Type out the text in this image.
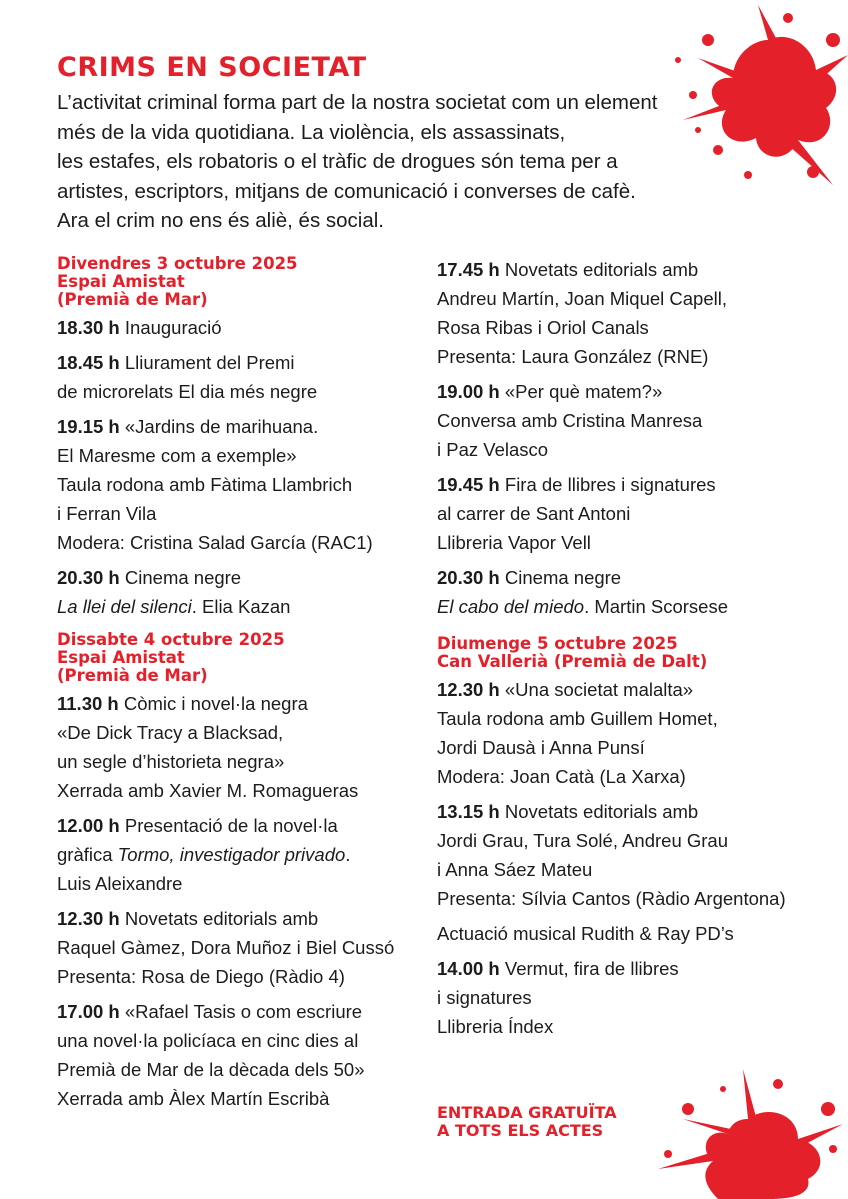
CRIMS EN SOCIETAT

L’activitat criminal forma part de la nostra societat com un element
més de la vida quotidiana. La violència, els assassinats,
les estafes, els robatoris o el tràfic de drogues són tema per a
artistes, escriptors, mitjans de comunicació i converses de cafè.
Ara el crim no ens és aliè, és social.

Divendres 3 octubre 2025
Espai Amistat
(Premià de Mar)
18.30 h Inauguració
18.45 h Lliurament del Premi
de microrelats El dia més negre
19.15 h «Jardins de marihuana.
El Maresme com a exemple»
Taula rodona amb Fàtima Llambrich
i Ferran Vila
Modera: Cristina Salad García (RAC1)
20.30 h Cinema negre
La llei del silenci. Elia Kazan
Dissabte 4 octubre 2025
Espai Amistat
(Premià de Mar)
11.30 h Còmic i novel·la negra
«De Dick Tracy a Blacksad,
un segle d’historieta negra»
Xerrada amb Xavier M. Romagueras
12.00 h Presentació de la novel·la
gràfica Tormo, investigador privado.
Luis Aleixandre
12.30 h Novetats editorials amb
Raquel Gàmez, Dora Muñoz i Biel Cussó
Presenta: Rosa de Diego (Ràdio 4)
17.00 h «Rafael Tasis o com escriure
una novel·la policíaca en cinc dies al
Premià de Mar de la dècada dels 50»
Xerrada amb Àlex Martín Escribà
17.45 h Novetats editorials amb
Andreu Martín, Joan Miquel Capell,
Rosa Ribas i Oriol Canals
Presenta: Laura González (RNE)
19.00 h «Per què matem?»
Conversa amb Cristina Manresa
i Paz Velasco
19.45 h Fira de llibres i signatures
al carrer de Sant Antoni
Llibreria Vapor Vell
20.30 h Cinema negre
El cabo del miedo. Martin Scorsese
Diumenge 5 octubre 2025
Can Vallerià (Premià de Dalt)
12.30 h «Una societat malalta»
Taula rodona amb Guillem Homet,
Jordi Dausà i Anna Punsí
Modera: Joan Catà (La Xarxa)
13.15 h Novetats editorials amb
Jordi Grau, Tura Solé, Andreu Grau
i Anna Sáez Mateu
Presenta: Sílvia Cantos (Ràdio Argentona)
Actuació musical Rudith & Ray PD’s
14.00 h Vermut, fira de llibres
i signatures
Llibreria Índex
ENTRADA GRATUÏTA
A TOTS ELS ACTES
